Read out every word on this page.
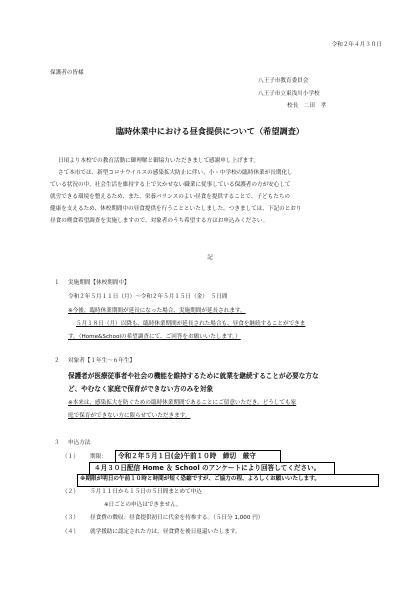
令和２年４月３０日
保護者の皆様
八王子市教育委員会
八王子市立東浅川小学校
校長　二田　孝
臨時休業中における昼食提供について（希望調査）
日頃より本校での教育活動に御理解と御協力いただきまして感謝申し上げます。
さて本市では、新型コロナウイルスの感染拡大防止に伴い、小・中学校の臨時休業が長期化し
ている状況の中、社会生活を維持する上で欠かせない職業に従事している保護者の方が安心して
就労できる環境を整えるため、また、栄養バランスのよい昼食を提供することで、子どもたちの
健康を支えるため、休校期間中の昼食提供を行うことといたしました。つきましては、下記のとおり
昼食の喫食希望調査を実施しますので、対象者のうち希望する方はお申込みください。
記
１ 実施期間【休校期間中】
令和２年５月１１日（月）～令和２年５月１５日（金）　５日間
※今後、臨時休業期間が延長になった場合、実施期間が延長されます。
５月１８日（月）以降も、臨時休業期間が延長された場合も、昼食を継続することができま
す。（Home&Schoolの希望調査にて、ご回答をお願いいたします。）
２ 対象者【１年生～６年生】
保護者が医療従事者や社会の機能を維持するために就業を継続することが必要な方な
ど、やむなく家庭で保育ができない方のみを対象
※本来は、感染拡大を防ぐための臨時休業期間であることにご留意いただき、どうしても家
庭で保育ができない方に限らせていただきます。
３ 申込方法
（１） 期限： 令和２年５月１日(金)午前１０時　締切　厳守
４月３０日配信 Home ＆ School のアンケートにより回答してください。
※期限が明日の午前１０時と時間が短く恐縮ですが、ご協力の程、よろしくお願いいたします。
（２） ５月１１日から１５日の５日間まとめて申込
※日ごとの申込はできません。
（３） 昼食費の徴収：昼食提供初日に代金を持参する。（５日分 1,000 円）
（４） 就学援助に認定された方は、昼食費を後日返還いたします。
